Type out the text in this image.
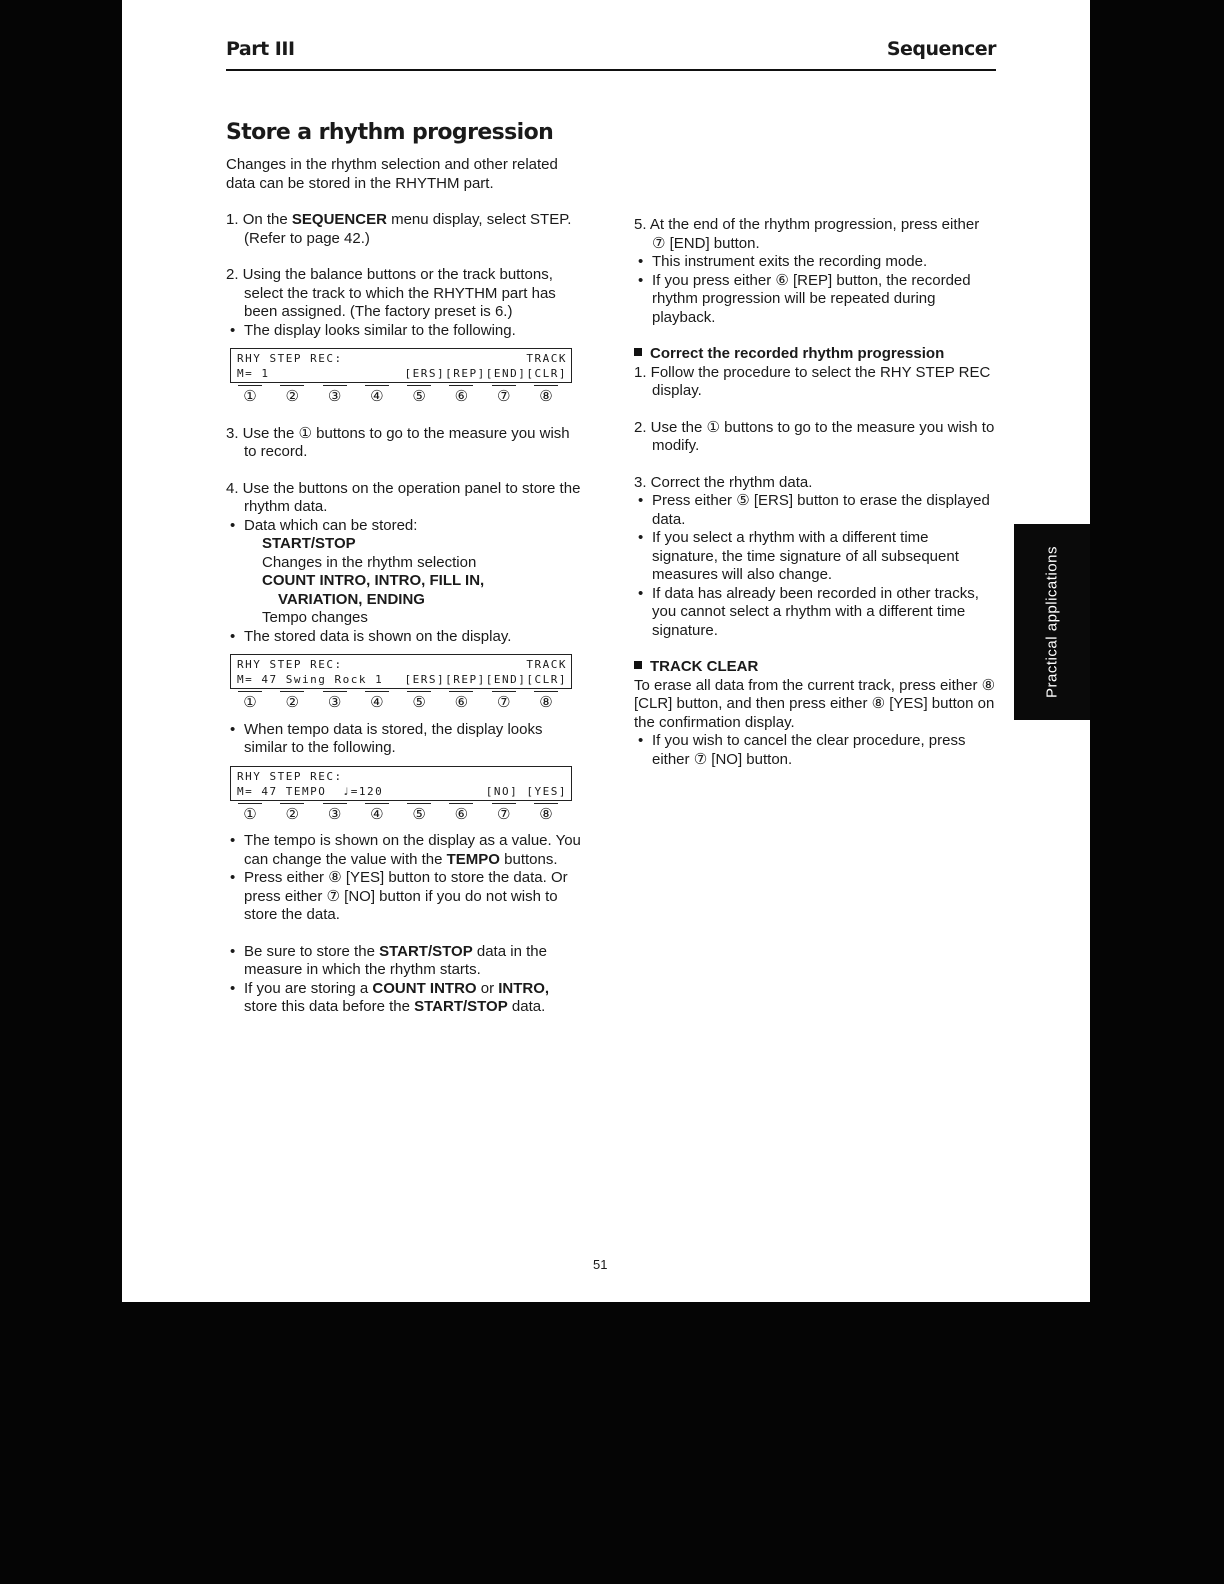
Part III	Sequencer
Store a rhythm progression

Changes in the rhythm selection and other related data can be stored in the RHYTHM part.

1. On the SEQUENCER menu display, select STEP. (Refer to page 42.)

2. Using the balance buttons or the track buttons, select the track to which the RHYTHM part has been assigned. (The factory preset is 6.)

• The display looks similar to the following.

RHY STEP REC:	TRACK
M= 1	[ERS][REP][END][CLR]
①	②	③	④	⑤	⑥	⑦	⑧

3. Use the ① buttons to go to the measure you wish to record.

4. Use the buttons on the operation panel to store the rhythm data.

• Data which can be stored:

START/STOP

Changes in the rhythm selection

COUNT INTRO, INTRO, FILL IN,

VARIATION, ENDING

Tempo changes

• The stored data is shown on the display.

RHY STEP REC:	TRACK
M= 47 Swing Rock 1 [ERS][REP][END][CLR]
①	②	③	④	⑤	⑥	⑦	⑧

• When tempo data is stored, the display looks similar to the following.

RHY STEP REC:
M= 47 TEMPO  ♩=120	[NO] [YES]
①	②	③	④	⑤	⑥	⑦	⑧

• The tempo is shown on the display as a value. You can change the value with the TEMPO buttons.

• Press either ⑧ [YES] button to store the data. Or press either ⑦ [NO] button if you do not wish to store the data.

• Be sure to store the START/STOP data in the measure in which the rhythm starts.

• If you are storing a COUNT INTRO or INTRO, store this data before the START/STOP data.

5. At the end of the rhythm progression, press either ⑦ [END] button.

• This instrument exits the recording mode.

• If you press either ⑥ [REP] button, the recorded rhythm progression will be repeated during playback.

Correct the recorded rhythm progression

1. Follow the procedure to select the RHY STEP REC display.

2. Use the ① buttons to go to the measure you wish to modify.

3. Correct the rhythm data.

• Press either ⑤ [ERS] button to erase the displayed data.

• If you select a rhythm with a different time signature, the time signature of all subsequent measures will also change.

• If data has already been recorded in other tracks, you cannot select a rhythm with a different time signature.

TRACK CLEAR

To erase all data from the current track, press either ⑧ [CLR] button, and then press either ⑧ [YES] button on the confirmation display.

• If you wish to cancel the clear procedure, press either ⑦ [NO] button.

51
Practical applications
